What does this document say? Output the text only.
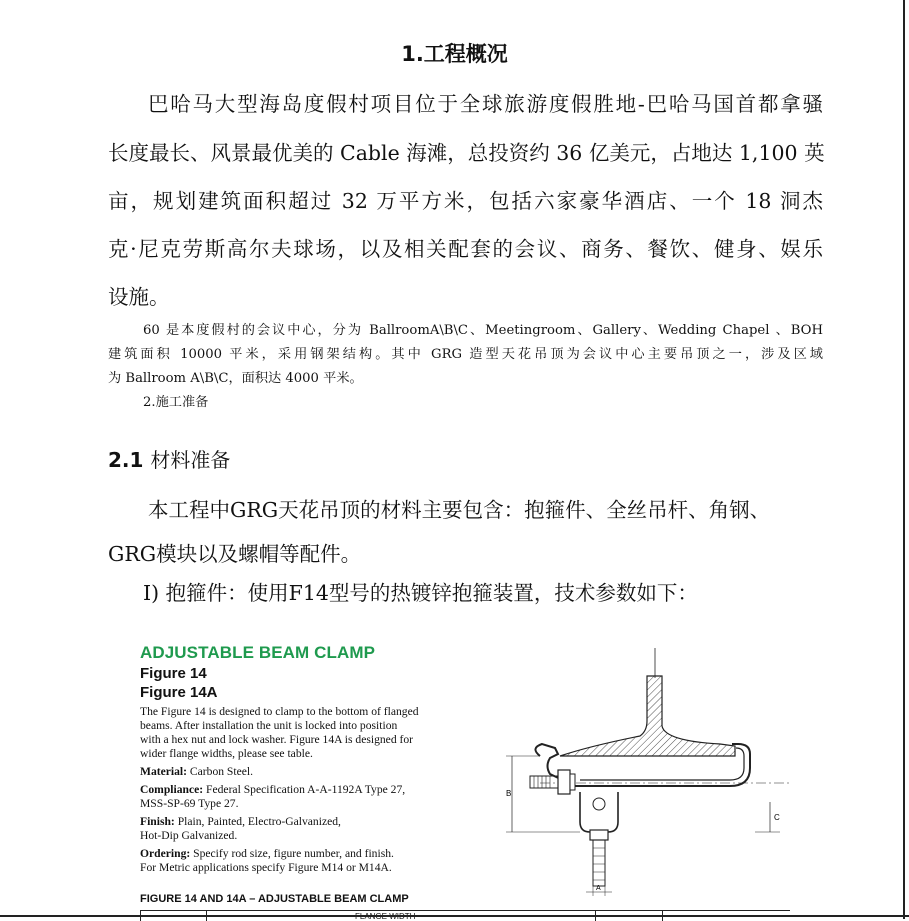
1.工程概况
巴哈马大型海岛度假村项目位于全球旅游度假胜地-巴哈马国首都拿骚
长度最长、风景最优美的 Cable 海滩，总投资约 36 亿美元，占地达 1,100 英
亩，规划建筑面积超过 32 万平方米，包括六家豪华酒店、一个 18 洞杰
克·尼克劳斯高尔夫球场，以及相关配套的会议、商务、餐饮、健身、娱乐
设施。
60 是本度假村的会议中心，分为 BallroomA\B\C、Meetingroom、Gallery、Wedding Chapel 、BOH
建筑面积 10000 平米，采用钢架结构。其中 GRG 造型天花吊顶为会议中心主要吊顶之一，涉及区域
为 Ballroom A\B\C，面积达 4000 平米。
2.施工准备
2.1 材料准备
本工程中GRG天花吊顶的材料主要包含：抱箍件、全丝吊杆、角钢、
GRG模块以及螺帽等配件。
Ⅰ) 抱箍件：使用F14型号的热镀锌抱箍装置，技术参数如下：
ADJUSTABLE BEAM CLAMP
Figure 14
Figure 14A
The Figure 14 is designed to clamp to the bottom of flanged
beams. After installation the unit is locked into position
with a hex nut and lock washer. Figure 14A is designed for
wider flange widths, please see table.
Material: Carbon Steel.
Compliance: Federal Specification A-A-1192A Type 27,
MSS-SP-69 Type 27.
Finish: Plain, Painted, Electro-Galvanized,
Hot-Dip Galvanized.
Ordering: Specify rod size, figure number, and finish.
For Metric applications specify Figure M14 or M14A.
FIGURE 14 AND 14A – ADJUSTABLE BEAM CLAMP
B
C
A
